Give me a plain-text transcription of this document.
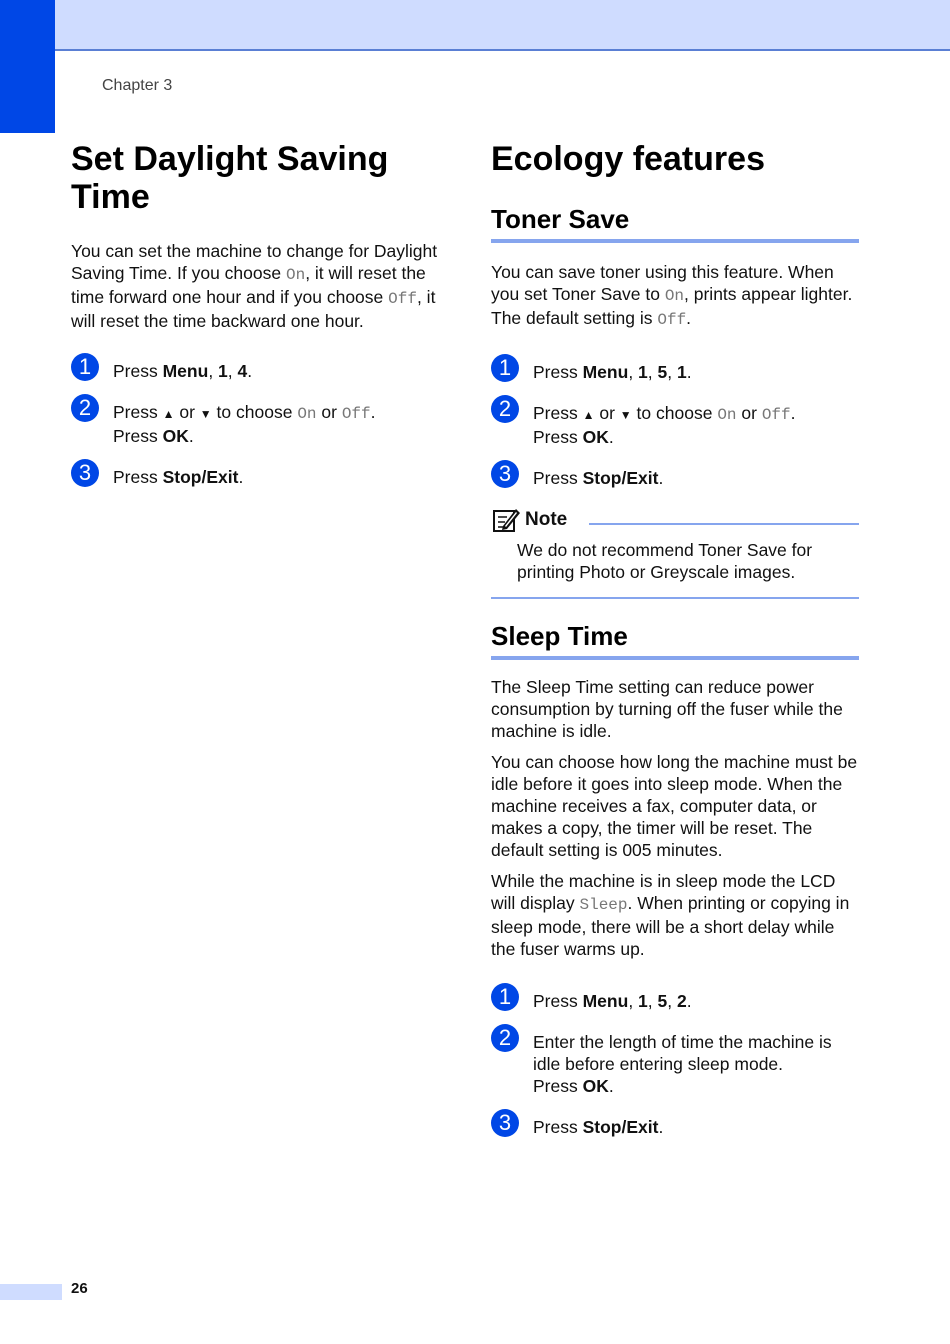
Chapter 3
Set Daylight Saving Time

You can set the machine to change for Daylight Saving Time. If you choose On, it will reset the time forward one hour and if you choose Off, it will reset the time backward one hour.

1	Press Menu, 1, 4.
2	Press ▲ or ▼ to choose On or Off.
Press OK.
3	Press Stop/Exit.
Ecology features
Toner Save

You can save toner using this feature. When you set Toner Save to On, prints appear lighter. The default setting is Off.

1	Press Menu, 1, 5, 1.
2	Press ▲ or ▼ to choose On or Off.
Press OK.
3	Press Stop/Exit.
Note
We do not recommend Toner Save for printing Photo or Greyscale images.
Sleep Time

The Sleep Time setting can reduce power consumption by turning off the fuser while the machine is idle.

You can choose how long the machine must be idle before it goes into sleep mode. When the machine receives a fax, computer data, or makes a copy, the timer will be reset. The default setting is 005 minutes.

While the machine is in sleep mode the LCD will display Sleep. When printing or copying in sleep mode, there will be a short delay while the fuser warms up.

1	Press Menu, 1, 5, 2.
2	Enter the length of time the machine is idle before entering sleep mode.
Press OK.
3	Press Stop/Exit.
26
